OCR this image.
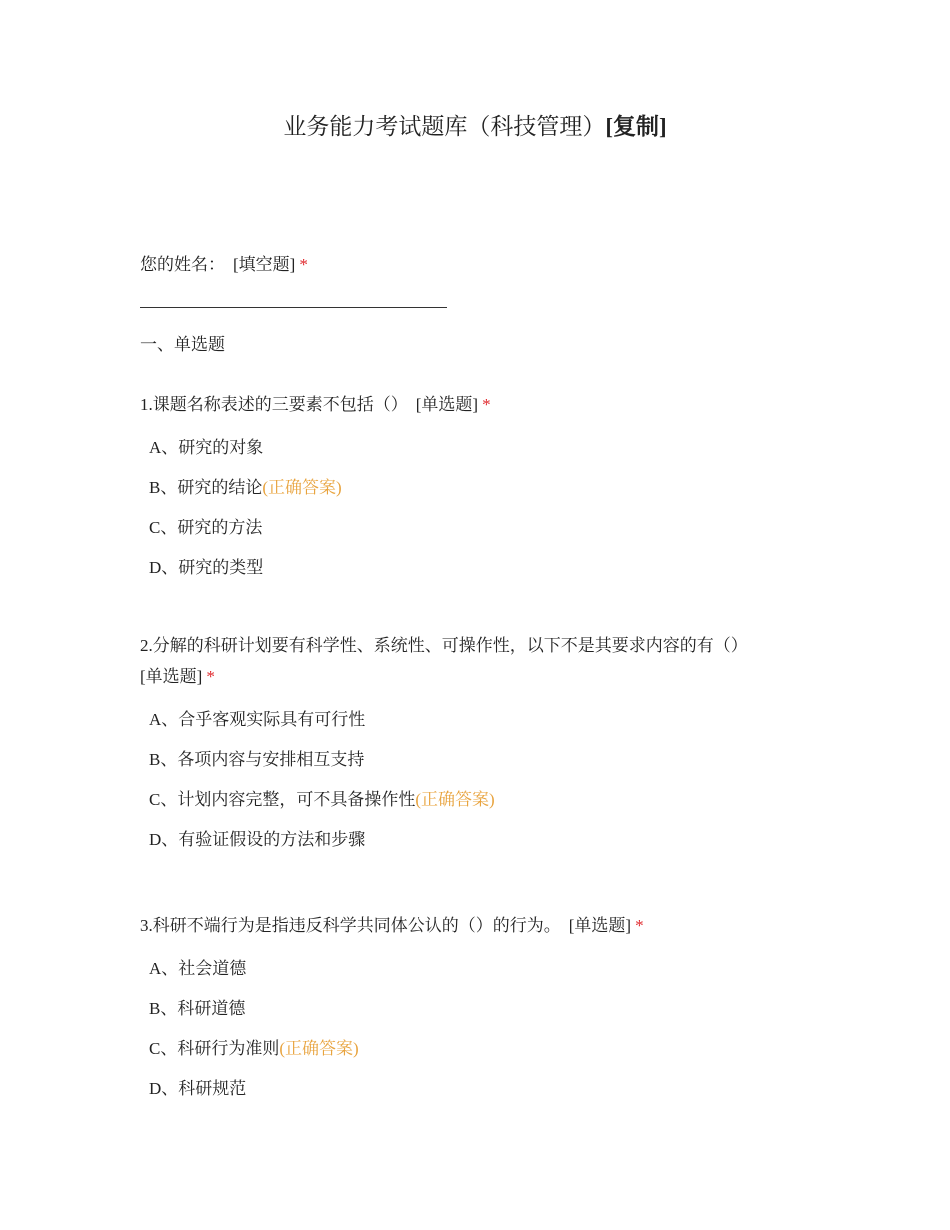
业务能力考试题库（科技管理）[复制]
您的姓名： [填空题] *
一、单选题
1.课题名称表述的三要素不包括（） [单选题] *
A、研究的对象
B、研究的结论(正确答案)
C、研究的方法
D、研究的类型
2.分解的科研计划要有科学性、系统性、可操作性，以下不是其要求内容的有（）
[单选题] *
A、合乎客观实际具有可行性
B、各项内容与安排相互支持
C、计划内容完整，可不具备操作性(正确答案)
D、有验证假设的方法和步骤
3.科研不端行为是指违反科学共同体公认的（）的行为。 [单选题] *
A、社会道德
B、科研道德
C、科研行为准则(正确答案)
D、科研规范
